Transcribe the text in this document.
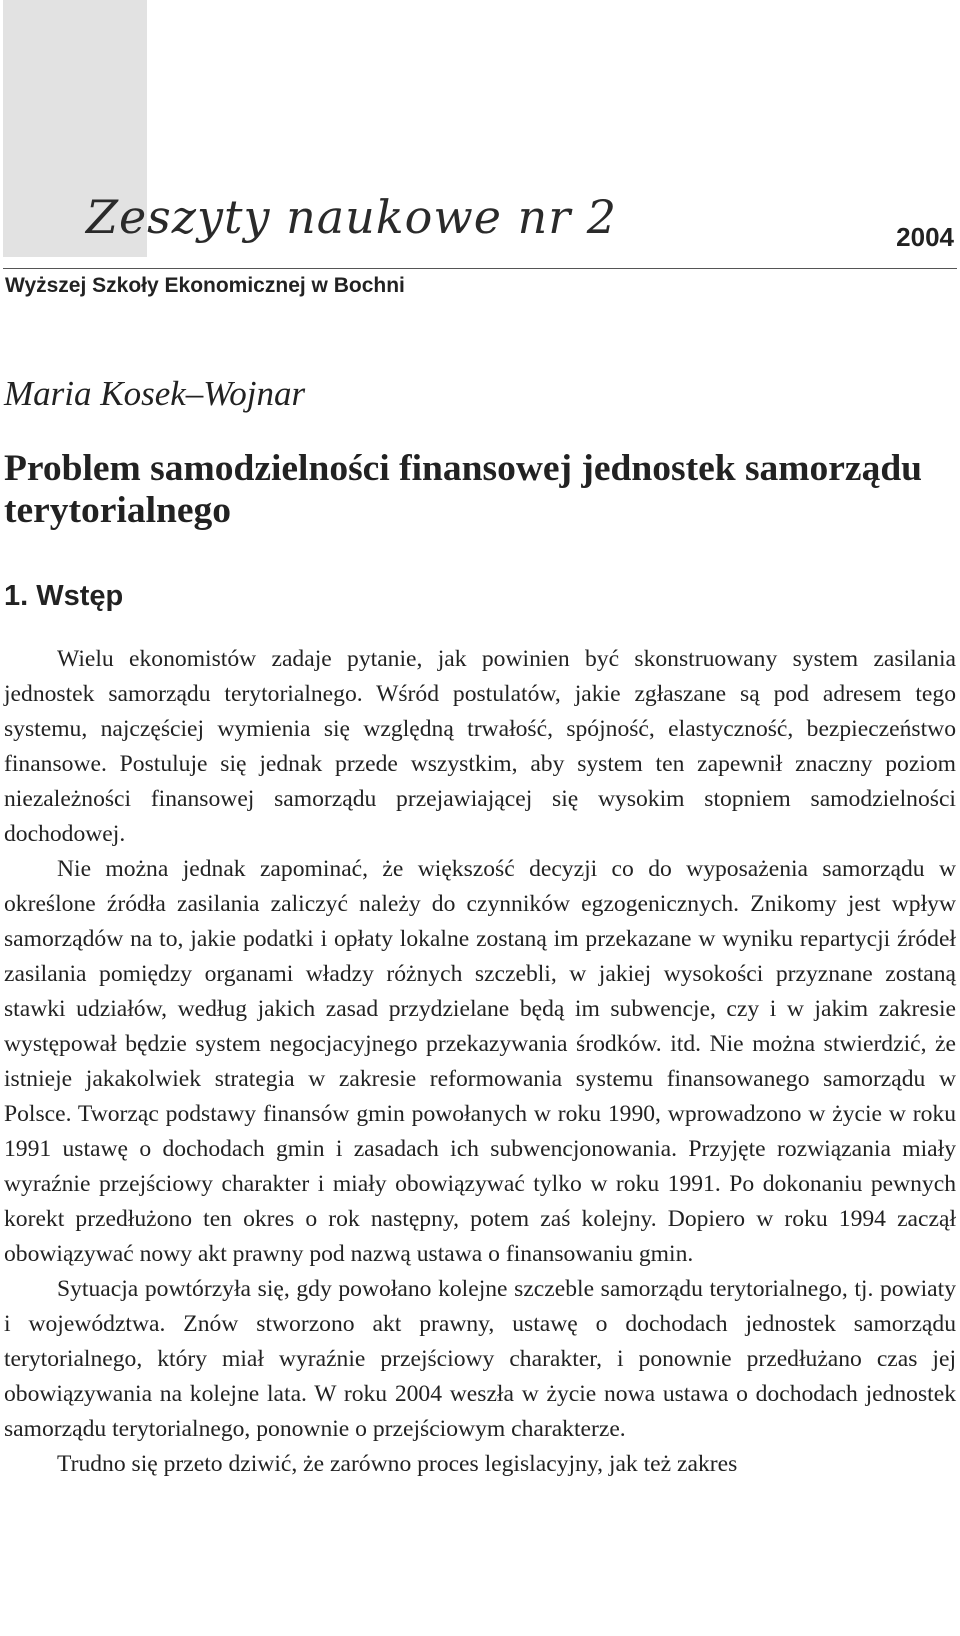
Zeszyty naukowe nr 2	2004
Wyższej Szkoły Ekonomicznej w Bochni
Maria Kosek–Wojnar
Problem samodzielności finansowej jednostek samorządu terytorialnego
1. Wstęp

Wielu ekonomistów zadaje pytanie, jak powinien być skonstruowany system zasilania jednostek samorządu terytorialnego. Wśród postulatów, jakie zgłaszane są pod adresem tego systemu, najczęściej wymienia się względną trwałość, spójność, elastyczność, bezpieczeństwo finansowe. Postuluje się jednak przede wszystkim, aby system ten zapewnił znaczny poziom niezależności finansowej samorządu przejawiającej się wysokim stopniem samodzielności dochodowej.

Nie można jednak zapominać, że większość decyzji co do wyposażenia samorządu w określone źródła zasilania zaliczyć należy do czynników egzogenicznych. Znikomy jest wpływ samorządów na to, jakie podatki i opłaty lokalne zostaną im przekazane w wyniku repartycji źródeł zasilania pomiędzy organami władzy różnych szczebli, w jakiej wysokości przyznane zostaną stawki udziałów, według jakich zasad przydzielane będą im subwencje, czy i w jakim zakresie występował będzie system negocjacyjnego przekazywania środków. itd. Nie można stwierdzić, że istnieje jakakolwiek strategia w zakresie reformowania systemu finansowanego samorządu w Polsce. Tworząc podstawy finansów gmin powołanych w roku 1990, wprowadzono w życie w roku 1991 ustawę o dochodach gmin i zasadach ich subwencjonowania. Przyjęte rozwiązania miały wyraźnie przejściowy charakter i miały obowiązywać tylko w roku 1991. Po dokonaniu pewnych korekt przedłużono ten okres o rok następny, potem zaś kolejny. Dopiero w roku 1994 zaczął obowiązywać nowy akt prawny pod nazwą ustawa o finansowaniu gmin.

Sytuacja powtórzyła się, gdy powołano kolejne szczeble samorządu terytorialnego, tj. powiaty i województwa. Znów stworzono akt prawny, ustawę o dochodach jednostek samorządu terytorialnego, który miał wyraźnie przejściowy charakter, i ponownie przedłużano czas jej obowiązywania na kolejne lata. W roku 2004 weszła w życie nowa ustawa o dochodach jednostek samorządu terytorialnego, ponownie o przejściowym charakterze.

Trudno się przeto dziwić, że zarówno proces legislacyjny, jak też zakres
